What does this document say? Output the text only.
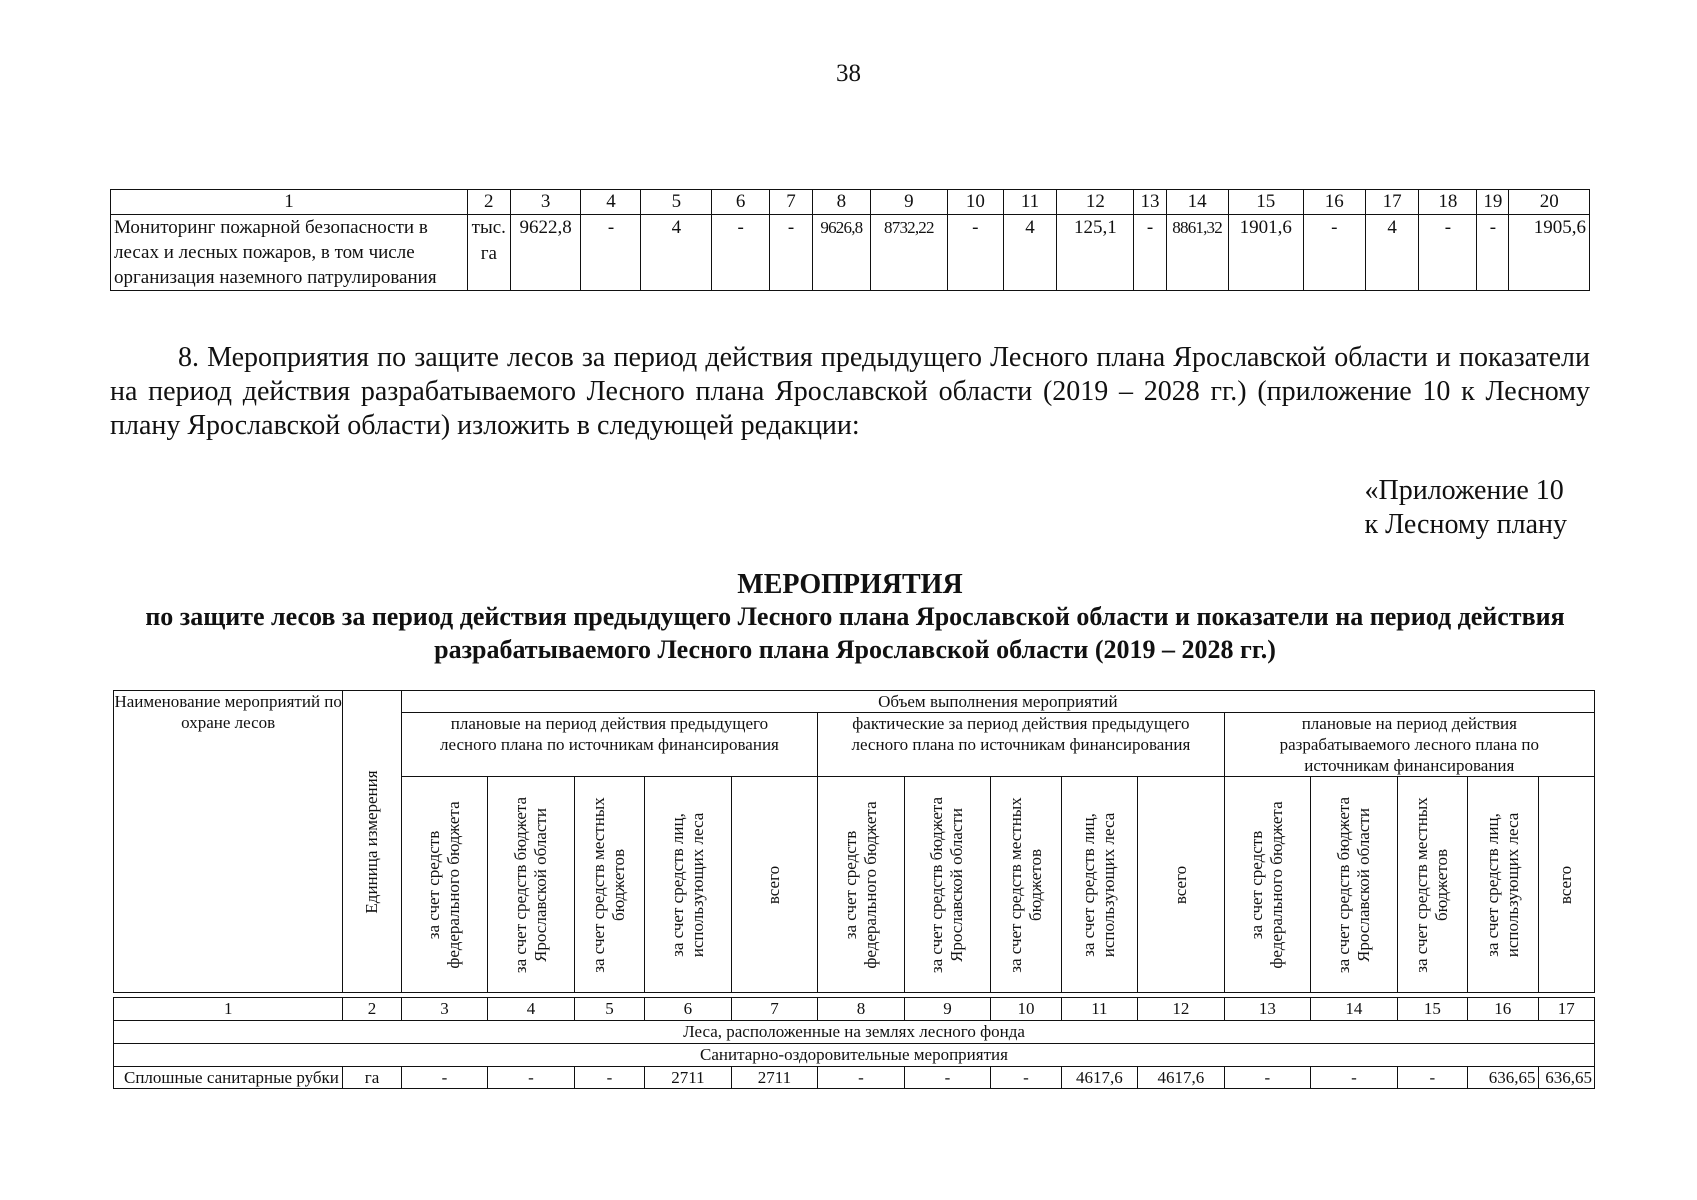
38
1	2	3	4	5	6	7	8	9	10	11	12	13	14	15	16	17	18	19	20
Мониторинг пожарной безопасности в лесах и лесных пожаров, в том числе организация наземного патрулирования	тыс. га	9622,8	-	4	-	-	9626,8	8732,22	-	4	125,1	-	8861,32	1901,6	-	4	-	-	1905,6
8. Мероприятия по защите лесов за период действия предыдущего Лесного плана Ярославской области и показатели на период действия разрабатываемого Лесного плана Ярославской области (2019 – 2028 гг.) (приложение 10 к Лесному плану Ярославской области) изложить в следующей редакции:
«Приложение 10
к Лесному плану
МЕРОПРИЯТИЯ
по защите лесов за период действия предыдущего Лесного плана Ярославской области и показатели на период действия разрабатываемого Лесного плана Ярославской области (2019 – 2028 гг.)
Наименование мероприятий по охране лесов	Единица измерения	Объем выполнения мероприятий														
		плановые на период действия предыдущего лесного плана по источникам финансирования					фактические за период действия предыдущего лесного плана по источникам финансирования					плановые на период действия разрабатываемого лесного плана по источникам финансирования				

		за счет средств федерального бюджета	за счет средств бюджета Ярославской области	за счет средств местных бюджетов	за счет средств лиц, использующих леса	всего	за счет средств федерального бюджета	за счет средств бюджета Ярославской области	за счет средств местных бюджетов	за счет средств лиц, использующих леса	всего	за счет средств федерального бюджета	за счет средств бюджета Ярославской области	за счет средств местных бюджетов	за счет средств лиц, использующих леса	всего

1	2	3	4	5	6	7	8	9	10	11	12	13	14	15	16	17
Леса, расположенные на землях лесного фонда																
Санитарно-оздоровительные мероприятия																
Сплошные санитарные рубки	га	-	-	-	2711	2711	-	-	-	4617,6	4617,6	-	-	-	636,65	636,65
